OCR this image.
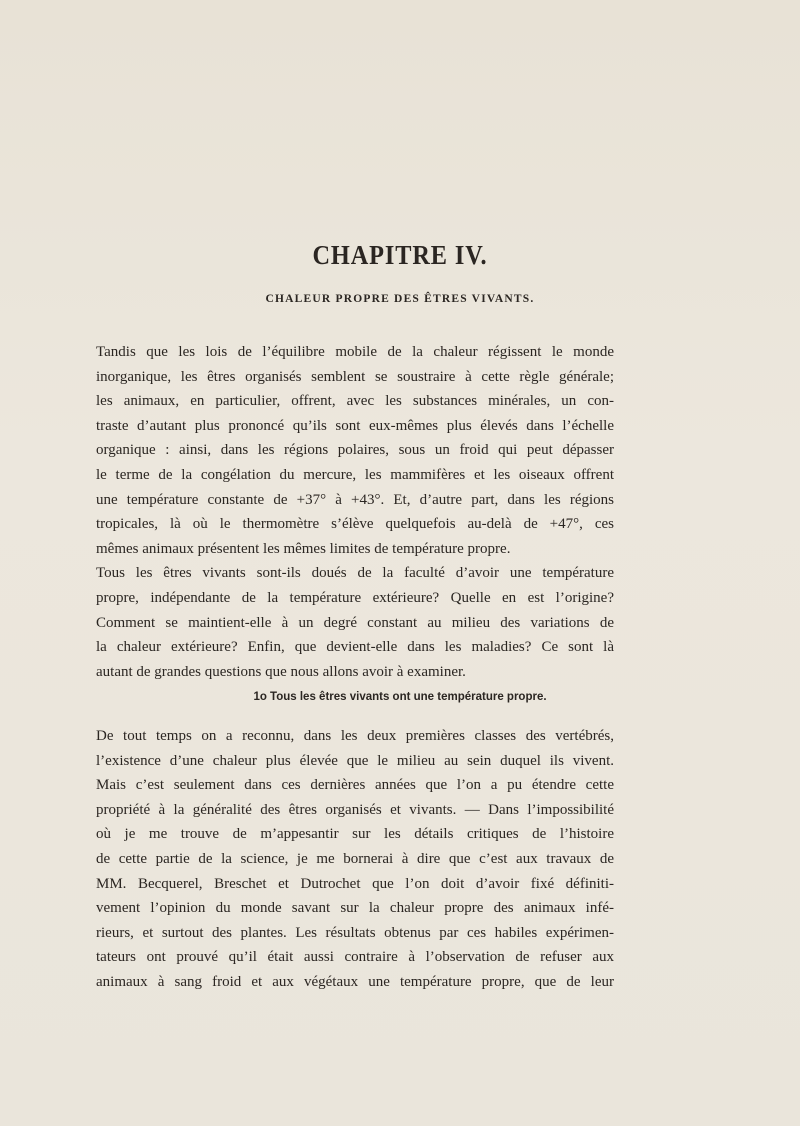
CHAPITRE IV.
CHALEUR PROPRE DES ÊTRES VIVANTS.
Tandis que les lois de l’équilibre mobile de la chaleur régissent le monde
inorganique, les êtres organisés semblent se soustraire à cette règle générale;
les animaux, en particulier, offrent, avec les substances minérales, un con-
traste d’autant plus prononcé qu’ils sont eux-mêmes plus élevés dans l’échelle
organique : ainsi, dans les régions polaires, sous un froid qui peut dépasser
le terme de la congélation du mercure, les mammifères et les oiseaux offrent
une température constante de +37° à +43°. Et, d’autre part, dans les régions
tropicales, là où le thermomètre s’élève quelquefois au-delà de +47°, ces
mêmes animaux présentent les mêmes limites de température propre.
Tous les êtres vivants sont-ils doués de la faculté d’avoir une température
propre, indépendante de la température extérieure? Quelle en est l’origine?
Comment se maintient-elle à un degré constant au milieu des variations de
la chaleur extérieure? Enfin, que devient-elle dans les maladies? Ce sont là
autant de grandes questions que nous allons avoir à examiner.
1o Tous les êtres vivants ont une température propre.
De tout temps on a reconnu, dans les deux premières classes des vertébrés,
l’existence d’une chaleur plus élevée que le milieu au sein duquel ils vivent.
Mais c’est seulement dans ces dernières années que l’on a pu étendre cette
propriété à la généralité des êtres organisés et vivants. — Dans l’impossibilité
où je me trouve de m’appesantir sur les détails critiques de l’histoire
de cette partie de la science, je me bornerai à dire que c’est aux travaux de
MM. Becquerel, Breschet et Dutrochet que l’on doit d’avoir fixé définiti-
vement l’opinion du monde savant sur la chaleur propre des animaux infé-
rieurs, et surtout des plantes. Les résultats obtenus par ces habiles expérimen-
tateurs ont prouvé qu’il était aussi contraire à l’observation de refuser aux
animaux à sang froid et aux végétaux une température propre, que de leur
